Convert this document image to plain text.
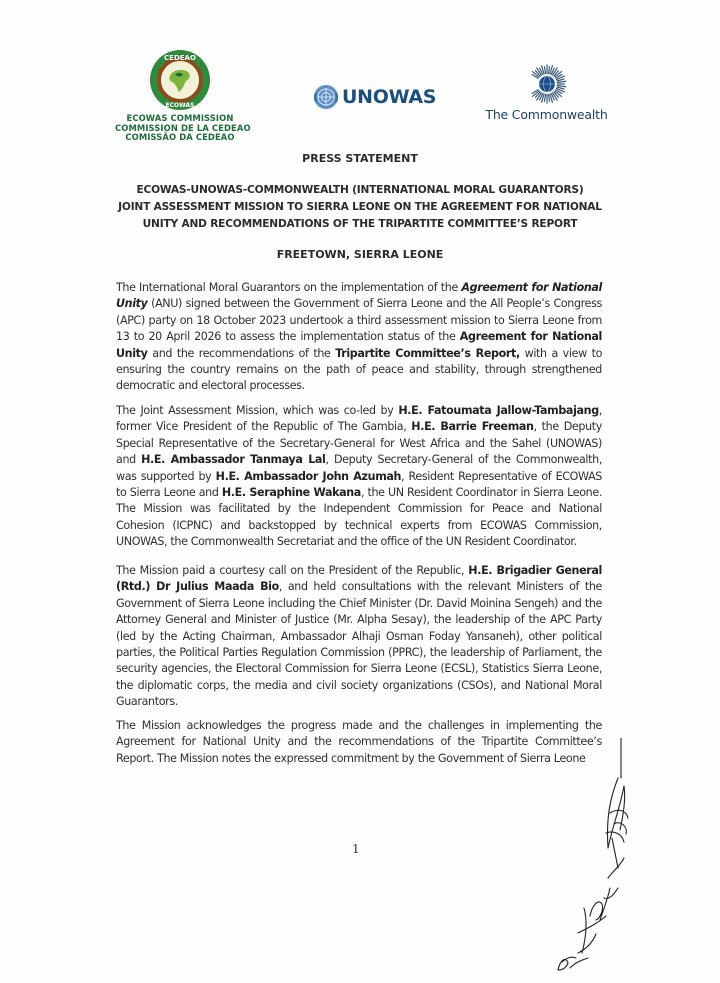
CEDEAO
ECOWAS
ECOWAS COMMISSION
COMMISSION DE LA CEDEAO
COMISSÃO DA CEDEAO
UNOWAS
The Commonwealth
PRESS STATEMENT
ECOWAS-UNOWAS-COMMONWEALTH (INTERNATIONAL MORAL GUARANTORS)
JOINT ASSESSMENT MISSION TO SIERRA LEONE ON THE AGREEMENT FOR NATIONAL
UNITY AND RECOMMENDATIONS OF THE TRIPARTITE COMMITTEE’S REPORT
FREETOWN, SIERRA LEONE
The International Moral Guarantors on the implementation of the Agreement for National Unity (ANU) signed between the Government of Sierra Leone and the All People’s Congress (APC) party on 18 October 2023 undertook a third assessment mission to Sierra Leone from 13 to 20 April 2026 to assess the implementation status of the Agreement for National Unity and the recommendations of the Tripartite Committee’s Report, with a view to ensuring the country remains on the path of peace and stability, through strengthened democratic and electoral processes.
The Joint Assessment Mission, which was co-led by H.E. Fatoumata Jallow-Tambajang, former Vice President of the Republic of The Gambia, H.E. Barrie Freeman, the Deputy Special Representative of the Secretary-General for West Africa and the Sahel (UNOWAS) and H.E. Ambassador Tanmaya Lal, Deputy Secretary-General of the Commonwealth, was supported by H.E. Ambassador John Azumah, Resident Representative of ECOWAS to Sierra Leone and H.E. Seraphine Wakana, the UN Resident Coordinator in Sierra Leone. The Mission was facilitated by the Independent Commission for Peace and National Cohesion (ICPNC) and backstopped by technical experts from ECOWAS Commission, UNOWAS, the Commonwealth Secretariat and the office of the UN Resident Coordinator.
The Mission paid a courtesy call on the President of the Republic, H.E. Brigadier General (Rtd.) Dr Julius Maada Bio, and held consultations with the relevant Ministers of the Government of Sierra Leone including the Chief Minister (Dr. David Moinina Sengeh) and the Attorney General and Minister of Justice (Mr. Alpha Sesay), the leadership of the APC Party (led by the Acting Chairman, Ambassador Alhaji Osman Foday Yansaneh), other political parties, the Political Parties Regulation Commission (PPRC), the leadership of Parliament, the security agencies, the Electoral Commission for Sierra Leone (ECSL), Statistics Sierra Leone, the diplomatic corps, the media and civil society organizations (CSOs), and National Moral Guarantors.
The Mission acknowledges the progress made and the challenges in implementing the Agreement for National Unity and the recommendations of the Tripartite Committee’s Report. The Mission notes the expressed commitment by the Government of Sierra Leone
1
